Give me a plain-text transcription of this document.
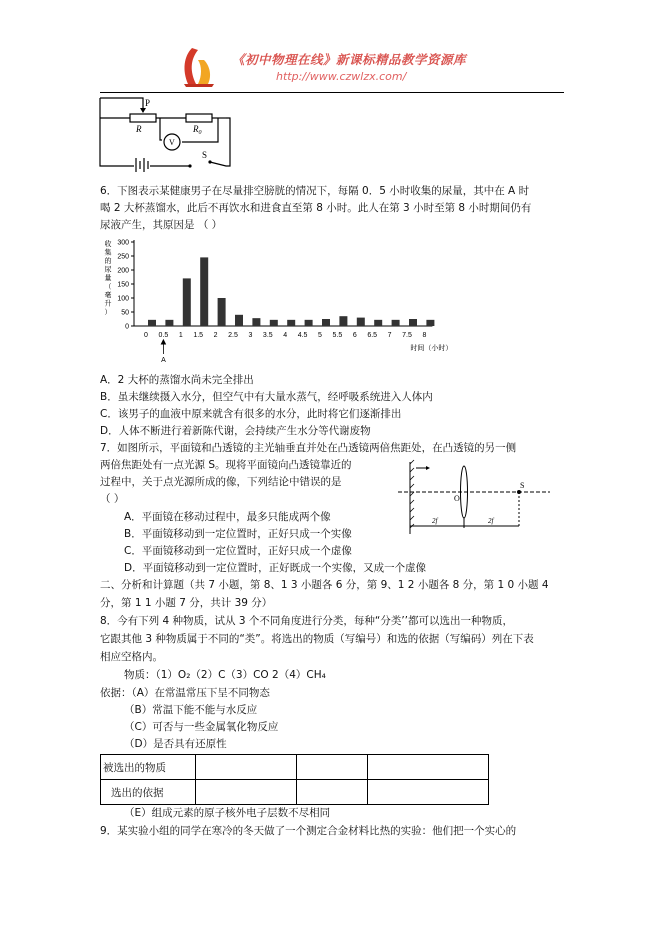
《初中物理在线》新课标精品教学资源库
http://www.czwlzx.com/
P
R	$R_0$
V
S
6．下图表示某健康男子在尽量排空膀胱的情况下，每隔 0．5 小时收集的尿量，其中在 A 时
喝 2 大杯蒸馏水，此后不再饮水和进食直至第 8 小时。此人在第 3 小时至第 8 小时期间仍有
尿液产生，其原因是 （ ）
0
50
100
150
200
250
300
0 0.5 1 1.5 2 2.5 3 3.5 4 4.5 5 5.5 6 6.5 7 7.5 8
收
集
的
尿
量
（
毫
升
）
时间（小时）
A
A．2 大杯的蒸馏水尚未完全排出
B．虽未继续摄入水分，但空气中有大量水蒸气，经呼吸系统进入人体内
C．该男子的血液中原来就含有很多的水分，此时将它们逐渐排出
D．人体不断进行着新陈代谢，会持续产生水分等代谢废物
7．如图所示，平面镜和凸透镜的主光轴垂直并处在凸透镜两倍焦距处，在凸透镜的另一侧
两倍焦距处有一点光源 S。现将平面镜向凸透镜靠近的
过程中，关于点光源所成的像，下列结论中错误的是
（ ）	O
S
2f	2f
A．平面镜在移动过程中，最多只能成两个像
B．平面镜移动到一定位置时，正好只成一个实像
C．平面镜移动到一定位置时，正好只成一个虚像
D．平面镜移动到一定位置时，正好既成一个实像，又成一个虚像
二、分析和计算题（共 7 小题，第 8、1 3 小题各 6 分，第 9、1 2 小题各 8 分，第 1 0 小题 4
分，第 1 1 小题 7 分，共计 39 分）
8．今有下列 4 种物质，试从 3 个不同角度进行分类，每种“分类’’都可以选出一种物质，
它跟其他 3 种物质属于不同的“类”。将选出的物质（写编号）和选的依据（写编码）列在下表
相应空格内。
物质：（1）O₂（2）C（3）CO 2（4）CH₄
依据：（A）在常温常压下呈不同物态
（B）常温下能不能与水反应
（C）可否与一些金属氧化物反应
（D）是否具有还原性
被选出的物质			
选出的依据			
（E）组成元素的原子核外电子层数不尽相同
9．某实验小组的同学在寒冷的冬天做了一个测定合金材料比热的实验：他们把一个实心的
